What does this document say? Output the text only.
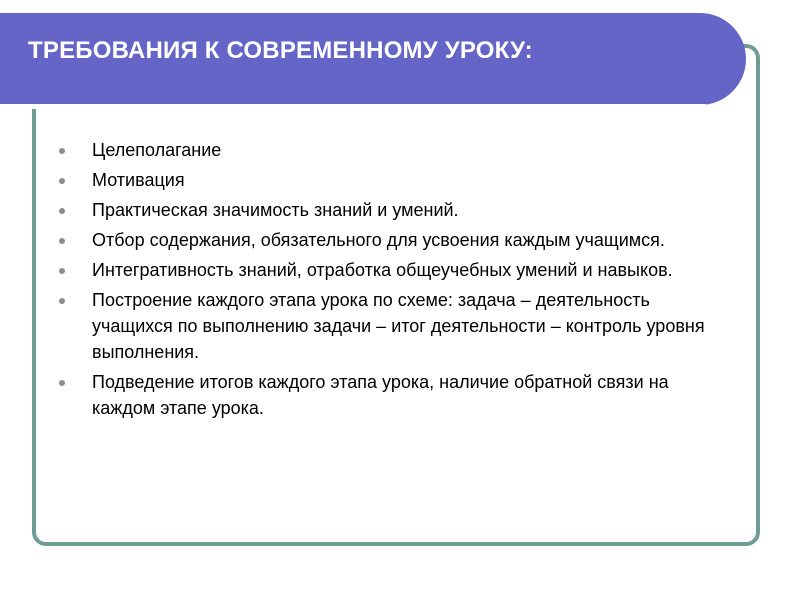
ТРЕБОВАНИЯ К СОВРЕМЕННОМУ УРОКУ:
Целеполагание
Мотивация
Практическая значимость знаний и умений.
Отбор содержания, обязательного для усвоения каждым учащимся.
Интегративность знаний, отработка общеучебных умений и навыков.
Построение каждого этапа урока по схеме: задача – деятельность учащихся по выполнению задачи – итог деятельности – контроль уровня выполнения.
Подведение итогов каждого этапа урока, наличие обратной связи на каждом этапе урока.
